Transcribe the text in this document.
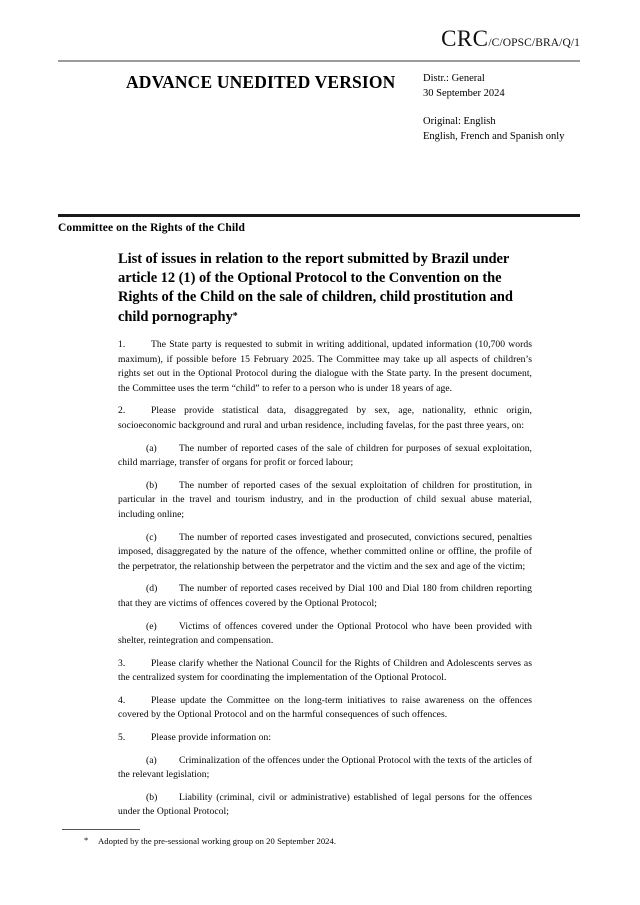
CRC/C/OPSC/BRA/Q/1
ADVANCE UNEDITED VERSION	Distr.: General
30 September 2024
Original: English
English, French and Spanish only
Committee on the Rights of the Child
List of issues in relation to the report submitted by Brazil under article 12 (1) of the Optional Protocol to the Convention on the Rights of the Child on the sale of children, child prostitution and child pornography*
1.	The State party is requested to submit in writing additional, updated information (10,700 words maximum), if possible before 15 February 2025. The Committee may take up all aspects of children’s rights set out in the Optional Protocol during the dialogue with the State party. In the present document, the Committee uses the term “child” to refer to a person who is under 18 years of age.
2.	Please provide statistical data, disaggregated by sex, age, nationality, ethnic origin, socioeconomic background and rural and urban residence, including favelas, for the past three years, on:
(a) The number of reported cases of the sale of children for purposes of sexual exploitation, child marriage, transfer of organs for profit or forced labour;
(b) The number of reported cases of the sexual exploitation of children for prostitution, in particular in the travel and tourism industry, and in the production of child sexual abuse material, including online;
(c) The number of reported cases investigated and prosecuted, convictions secured, penalties imposed, disaggregated by the nature of the offence, whether committed online or offline, the profile of the perpetrator, the relationship between the perpetrator and the victim and the sex and age of the victim;
(d) The number of reported cases received by Dial 100 and Dial 180 from children reporting that they are victims of offences covered by the Optional Protocol;
(e) Victims of offences covered under the Optional Protocol who have been provided with shelter, reintegration and compensation.
3.	Please clarify whether the National Council for the Rights of Children and Adolescents serves as the centralized system for coordinating the implementation of the Optional Protocol.
4.	Please update the Committee on the long-term initiatives to raise awareness on the offences covered by the Optional Protocol and on the harmful consequences of such offences.
5.	Please provide information on:
(a) Criminalization of the offences under the Optional Protocol with the texts of the articles of the relevant legislation;
(b) Liability (criminal, civil or administrative) established of legal persons for the offences under the Optional Protocol;
* Adopted by the pre-sessional working group on 20 September 2024.
